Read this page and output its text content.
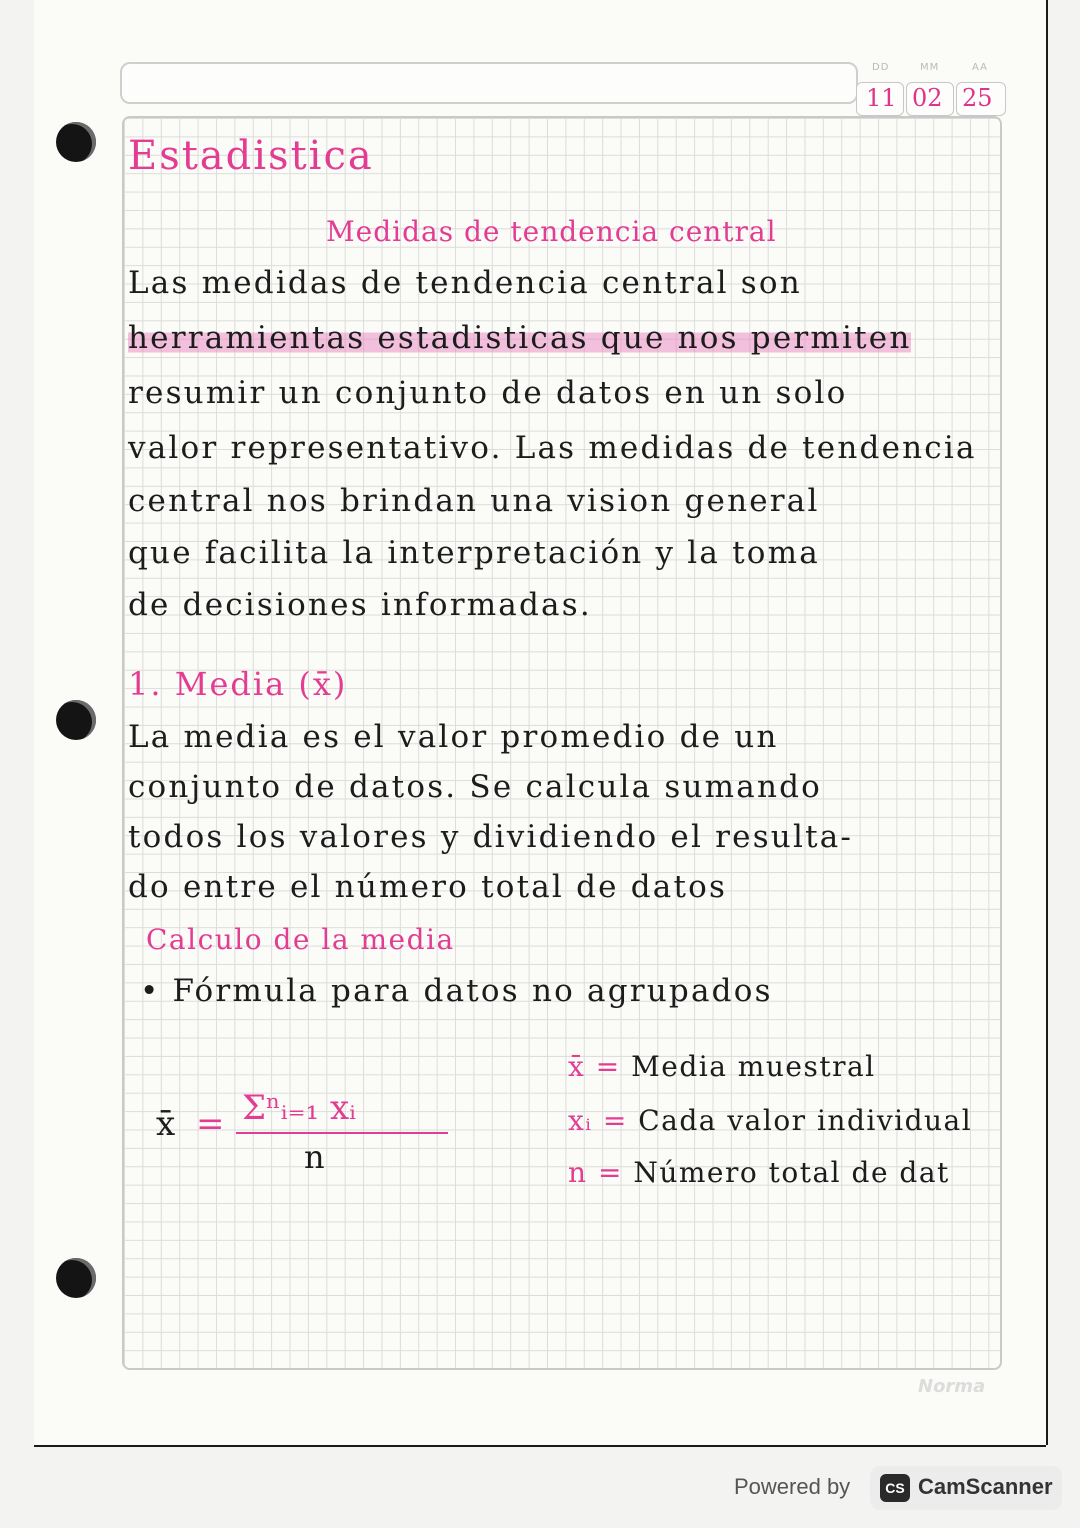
DD	MM	AA
11 02 25
Estadistica
Medidas de tendencia central
Las medidas de tendencia central son
herramientas estadisticas que nos permiten
resumir un conjunto de datos en un solo
valor representativo. Las medidas de tendencia
central nos brindan una vision general
que facilita la interpretación y la toma
de decisiones informadas.
1. Media (x̄)
La media es el valor promedio de un
conjunto de datos. Se calcula sumando
todos los valores y dividiendo el resulta-
do entre el número total de datos
Calculo de la media
• Fórmula para datos no agrupados
x̄ = Σⁿᵢ₌₁ xᵢ
n
x̄ = Media muestral
xᵢ = Cada valor individual
n = Número total de dat
Norma
Powered by	CS CamScanner
